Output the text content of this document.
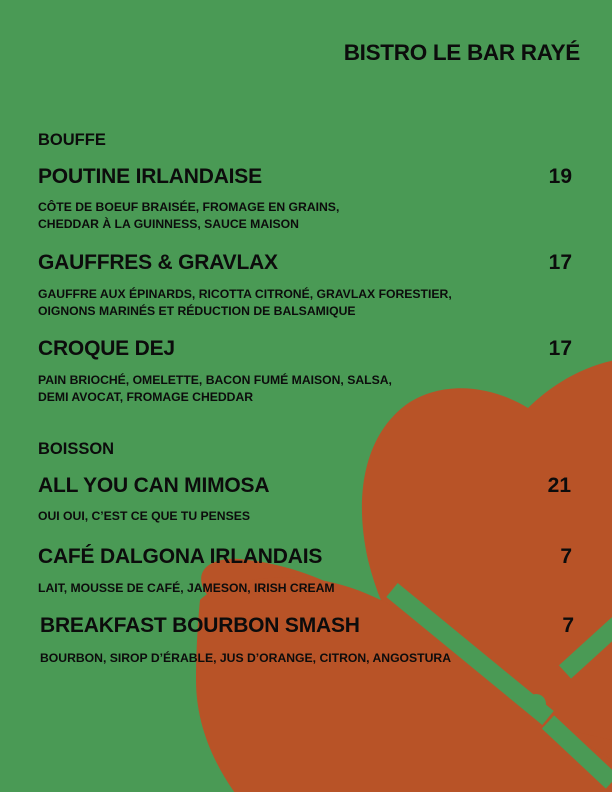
BISTRO LE BAR RAYÉ
BOUFFE
POUTINE IRLANDAISE	19
CÔTE DE BOEUF BRAISÉE, FROMAGE EN GRAINS,
CHEDDAR À LA GUINNESS, SAUCE MAISON
GAUFFRES & GRAVLAX	17
GAUFFRE AUX ÉPINARDS, RICOTTA CITRONÉ, GRAVLAX FORESTIER,
OIGNONS MARINÉS ET RÉDUCTION DE BALSAMIQUE
CROQUE DEJ	17
PAIN BRIOCHÉ, OMELETTE, BACON FUMÉ MAISON, SALSA,
DEMI AVOCAT, FROMAGE CHEDDAR
BOISSON
ALL YOU CAN MIMOSA	21
OUI OUI, C’EST CE QUE TU PENSES
CAFÉ DALGONA IRLANDAIS	7
LAIT, MOUSSE DE CAFÉ, JAMESON, IRISH CREAM
BREAKFAST BOURBON SMASH	7
BOURBON, SIROP D’ÉRABLE, JUS D’ORANGE, CITRON, ANGOSTURA
